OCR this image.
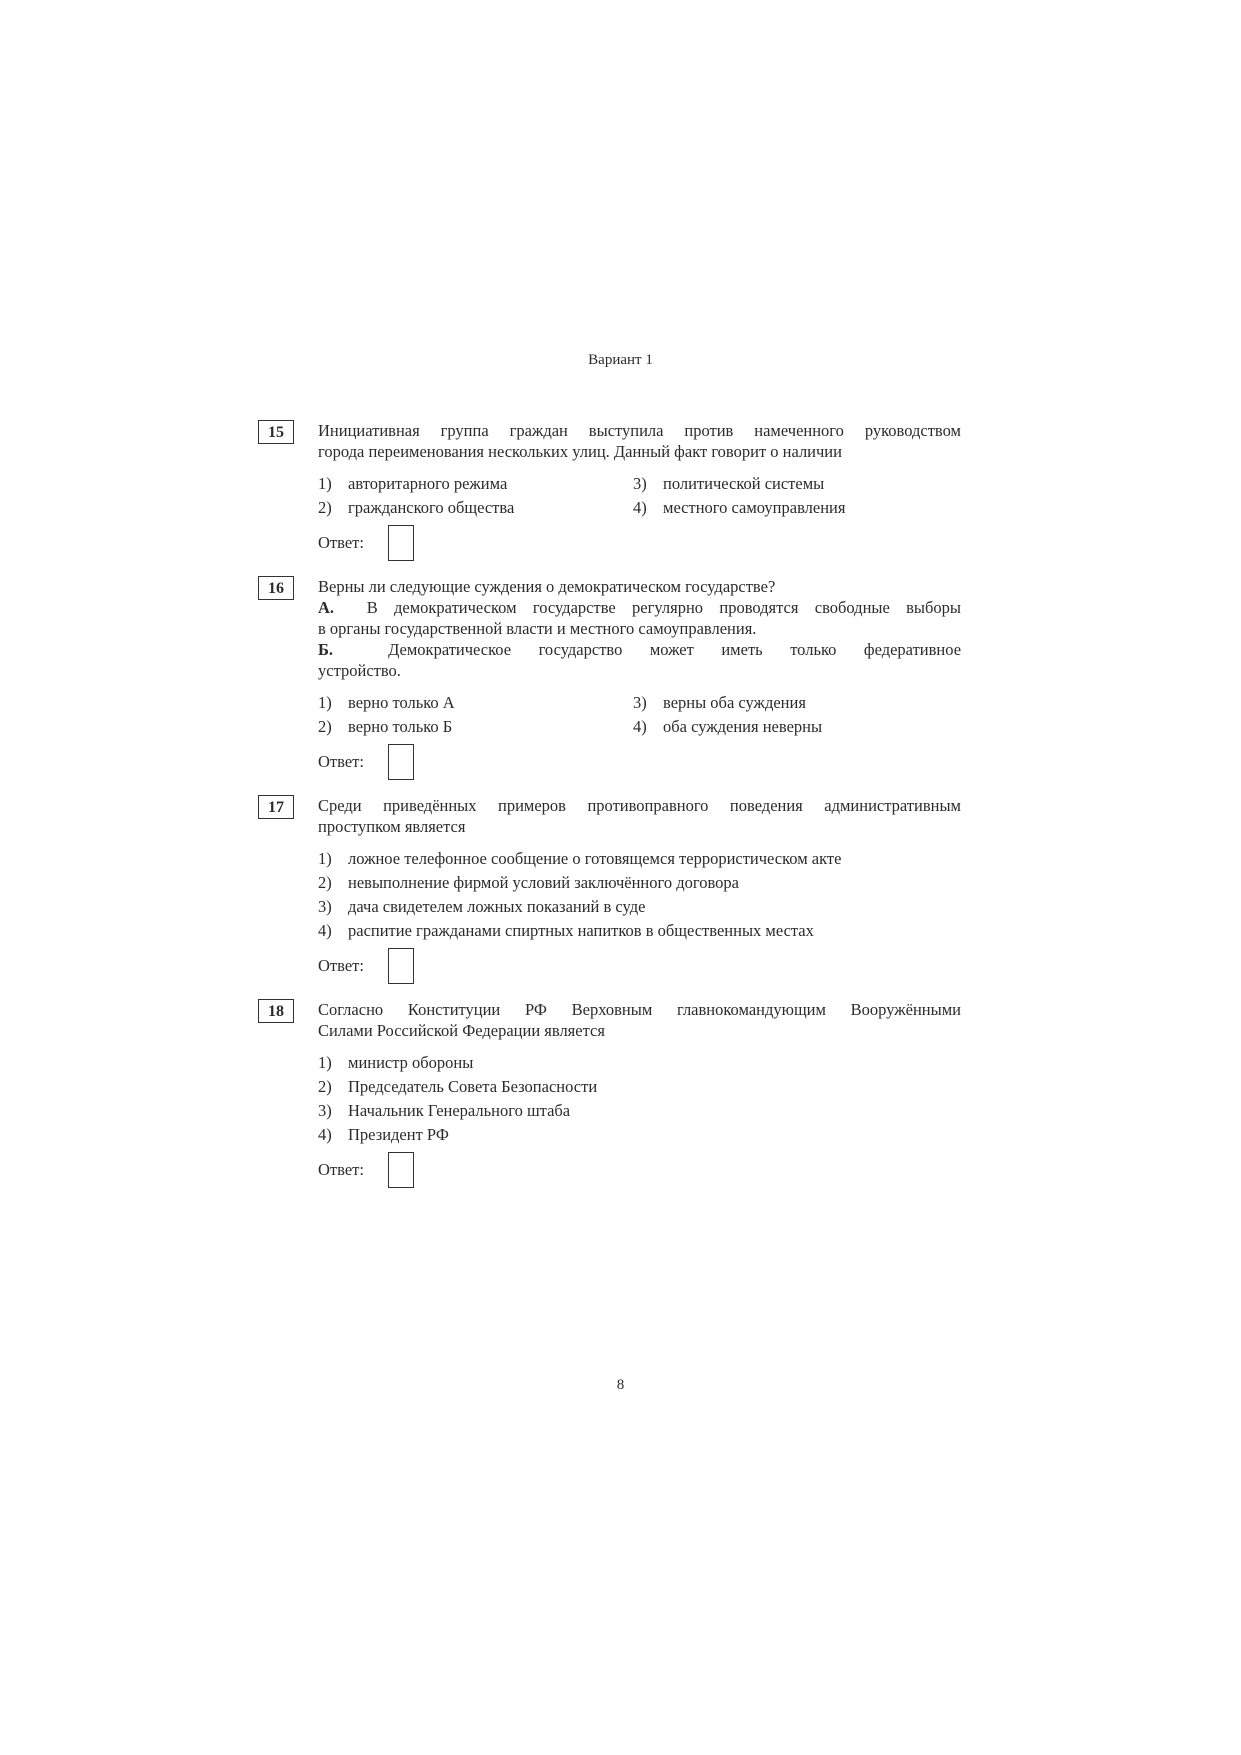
Вариант 1
15	Инициативная группа граждан выступила против намеченного руководством

города переименования нескольких улиц. Данный факт говорит о наличии

1) авторитарного режима	3) политической системы
2) гражданского общества	4) местного самоуправления
Ответ:
16	Верны ли следующие суждения о демократическом государстве?

А. В демократическом государстве регулярно проводятся свободные выборы

в органы государственной власти и местного самоуправления.

Б.	Демократическое государство может иметь только федеративное

устройство.

1) верно только А	3) верны оба суждения
2) верно только Б	4) оба суждения неверны
Ответ:
17	Среди приведённых примеров противоправного поведения административным

проступком является

1) ложное телефонное сообщение о готовящемся террористическом акте
2) невыполнение фирмой условий заключённого договора
3) дача свидетелем ложных показаний в суде
4) распитие гражданами спиртных напитков в общественных местах
Ответ:
18	Согласно Конституции РФ Верховным главнокомандующим Вооружёнными

Силами Российской Федерации является

1) министр обороны
2) Председатель Совета Безопасности
3) Начальник Генерального штаба
4) Президент РФ
Ответ:
8
